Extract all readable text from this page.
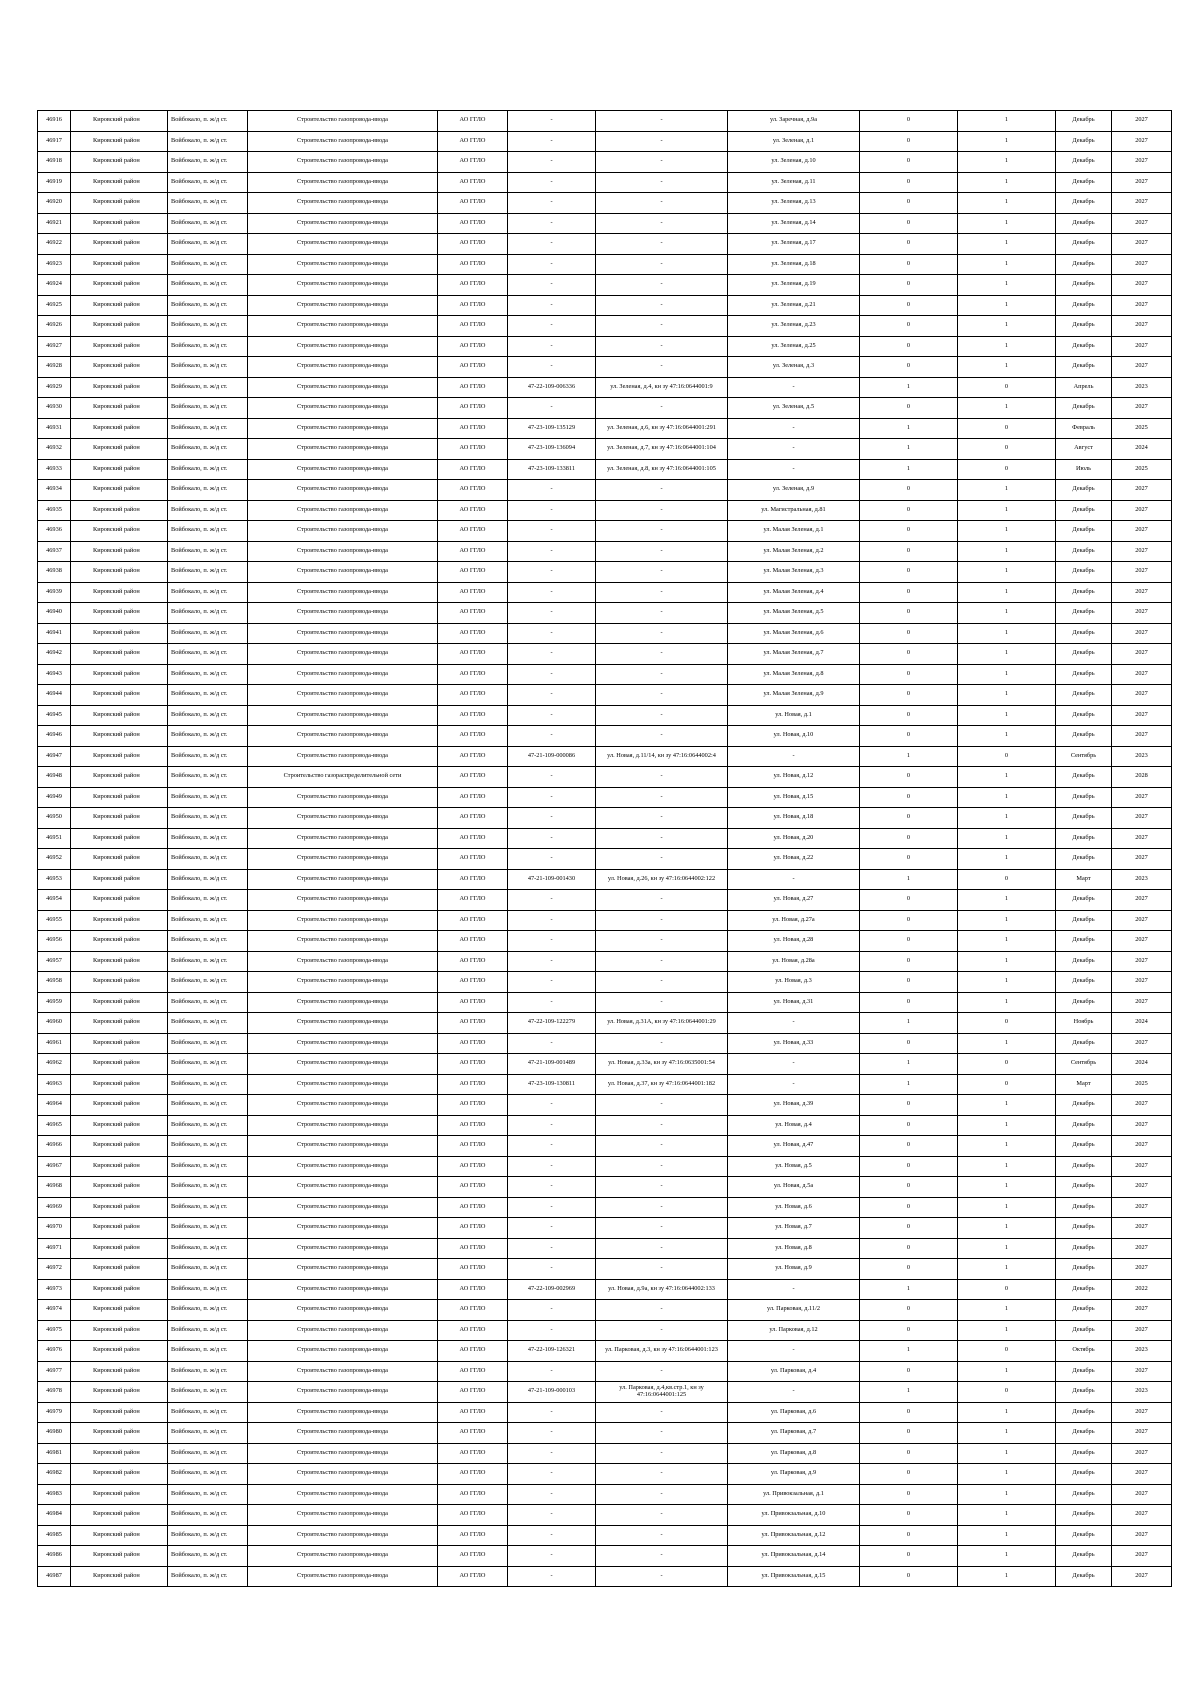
46916	Кировский район	Войбокало, п. ж/д ст.	Строительство газопровода-ввода	АО ГГЛО	-	-	ул. Заречная, д.9а	0	1	Декабрь	2027
46917	Кировский район	Войбокало, п. ж/д ст.	Строительство газопровода-ввода	АО ГГЛО	-	-	ул. Зеленая, д.1	0	1	Декабрь	2027
46918	Кировский район	Войбокало, п. ж/д ст.	Строительство газопровода-ввода	АО ГГЛО	-	-	ул. Зеленая, д.10	0	1	Декабрь	2027
46919	Кировский район	Войбокало, п. ж/д ст.	Строительство газопровода-ввода	АО ГГЛО	-	-	ул. Зеленая, д.11	0	1	Декабрь	2027
46920	Кировский район	Войбокало, п. ж/д ст.	Строительство газопровода-ввода	АО ГГЛО	-	-	ул. Зеленая, д.13	0	1	Декабрь	2027
46921	Кировский район	Войбокало, п. ж/д ст.	Строительство газопровода-ввода	АО ГГЛО	-	-	ул. Зеленая, д.14	0	1	Декабрь	2027
46922	Кировский район	Войбокало, п. ж/д ст.	Строительство газопровода-ввода	АО ГГЛО	-	-	ул. Зеленая, д.17	0	1	Декабрь	2027
46923	Кировский район	Войбокало, п. ж/д ст.	Строительство газопровода-ввода	АО ГГЛО	-	-	ул. Зеленая, д.18	0	1	Декабрь	2027
46924	Кировский район	Войбокало, п. ж/д ст.	Строительство газопровода-ввода	АО ГГЛО	-	-	ул. Зеленая, д.19	0	1	Декабрь	2027
46925	Кировский район	Войбокало, п. ж/д ст.	Строительство газопровода-ввода	АО ГГЛО	-	-	ул. Зеленая, д.21	0	1	Декабрь	2027
46926	Кировский район	Войбокало, п. ж/д ст.	Строительство газопровода-ввода	АО ГГЛО	-	-	ул. Зеленая, д.23	0	1	Декабрь	2027
46927	Кировский район	Войбокало, п. ж/д ст.	Строительство газопровода-ввода	АО ГГЛО	-	-	ул. Зеленая, д.25	0	1	Декабрь	2027
46928	Кировский район	Войбокало, п. ж/д ст.	Строительство газопровода-ввода	АО ГГЛО	-	-	ул. Зеленая, д.3	0	1	Декабрь	2027
46929	Кировский район	Войбокало, п. ж/д ст.	Строительство газопровода-ввода	АО ГГЛО	47-22-109-006336	ул. Зеленая, д.4, кн зу 47:16:0644001:9	-	1	0	Апрель	2023
46930	Кировский район	Войбокало, п. ж/д ст.	Строительство газопровода-ввода	АО ГГЛО	-	-	ул. Зеленая, д.5	0	1	Декабрь	2027
46931	Кировский район	Войбокало, п. ж/д ст.	Строительство газопровода-ввода	АО ГГЛО	47-23-109-135129	ул. Зеленая, д.6, кн зу 47:16:0644001:291	-	1	0	Февраль	2025
46932	Кировский район	Войбокало, п. ж/д ст.	Строительство газопровода-ввода	АО ГГЛО	47-23-109-136094	ул. Зеленая, д.7, кн зу 47:16:0644001:104	-	1	0	Август	2024
46933	Кировский район	Войбокало, п. ж/д ст.	Строительство газопровода-ввода	АО ГГЛО	47-23-109-133811	ул. Зеленая, д.8, кн зу 47:16:0644001:105	-	1	0	Июль	2025
46934	Кировский район	Войбокало, п. ж/д ст.	Строительство газопровода-ввода	АО ГГЛО	-	-	ул. Зеленая, д.9	0	1	Декабрь	2027
46935	Кировский район	Войбокало, п. ж/д ст.	Строительство газопровода-ввода	АО ГГЛО	-	-	ул. Магистральная, д.81	0	1	Декабрь	2027
46936	Кировский район	Войбокало, п. ж/д ст.	Строительство газопровода-ввода	АО ГГЛО	-	-	ул. Малая Зеленая, д.1	0	1	Декабрь	2027
46937	Кировский район	Войбокало, п. ж/д ст.	Строительство газопровода-ввода	АО ГГЛО	-	-	ул. Малая Зеленая, д.2	0	1	Декабрь	2027
46938	Кировский район	Войбокало, п. ж/д ст.	Строительство газопровода-ввода	АО ГГЛО	-	-	ул. Малая Зеленая, д.3	0	1	Декабрь	2027
46939	Кировский район	Войбокало, п. ж/д ст.	Строительство газопровода-ввода	АО ГГЛО	-	-	ул. Малая Зеленая, д.4	0	1	Декабрь	2027
46940	Кировский район	Войбокало, п. ж/д ст.	Строительство газопровода-ввода	АО ГГЛО	-	-	ул. Малая Зеленая, д.5	0	1	Декабрь	2027
46941	Кировский район	Войбокало, п. ж/д ст.	Строительство газопровода-ввода	АО ГГЛО	-	-	ул. Малая Зеленая, д.6	0	1	Декабрь	2027
46942	Кировский район	Войбокало, п. ж/д ст.	Строительство газопровода-ввода	АО ГГЛО	-	-	ул. Малая Зеленая, д.7	0	1	Декабрь	2027
46943	Кировский район	Войбокало, п. ж/д ст.	Строительство газопровода-ввода	АО ГГЛО	-	-	ул. Малая Зеленая, д.8	0	1	Декабрь	2027
46944	Кировский район	Войбокало, п. ж/д ст.	Строительство газопровода-ввода	АО ГГЛО	-	-	ул. Малая Зеленая, д.9	0	1	Декабрь	2027
46945	Кировский район	Войбокало, п. ж/д ст.	Строительство газопровода-ввода	АО ГГЛО	-	-	ул. Новая, д.1	0	1	Декабрь	2027
46946	Кировский район	Войбокало, п. ж/д ст.	Строительство газопровода-ввода	АО ГГЛО	-	-	ул. Новая, д.10	0	1	Декабрь	2027
46947	Кировский район	Войбокало, п. ж/д ст.	Строительство газопровода-ввода	АО ГГЛО	47-21-109-000086	ул. Новая, д.11/14, кн зу 47:16:0644002:4	-	1	0	Сентябрь	2023
46948	Кировский район	Войбокало, п. ж/д ст.	Строительство газораспределительной сети	АО ГГЛО	-	-	ул. Новая, д.12	0	1	Декабрь	2028
46949	Кировский район	Войбокало, п. ж/д ст.	Строительство газопровода-ввода	АО ГГЛО	-	-	ул. Новая, д.15	0	1	Декабрь	2027
46950	Кировский район	Войбокало, п. ж/д ст.	Строительство газопровода-ввода	АО ГГЛО	-	-	ул. Новая, д.18	0	1	Декабрь	2027
46951	Кировский район	Войбокало, п. ж/д ст.	Строительство газопровода-ввода	АО ГГЛО	-	-	ул. Новая, д.20	0	1	Декабрь	2027
46952	Кировский район	Войбокало, п. ж/д ст.	Строительство газопровода-ввода	АО ГГЛО	-	-	ул. Новая, д.22	0	1	Декабрь	2027
46953	Кировский район	Войбокало, п. ж/д ст.	Строительство газопровода-ввода	АО ГГЛО	47-21-109-001430	ул. Новая, д.26, кн зу 47:16:0644002:122	-	1	0	Март	2023
46954	Кировский район	Войбокало, п. ж/д ст.	Строительство газопровода-ввода	АО ГГЛО	-	-	ул. Новая, д.27	0	1	Декабрь	2027
46955	Кировский район	Войбокало, п. ж/д ст.	Строительство газопровода-ввода	АО ГГЛО	-	-	ул. Новая, д.27а	0	1	Декабрь	2027
46956	Кировский район	Войбокало, п. ж/д ст.	Строительство газопровода-ввода	АО ГГЛО	-	-	ул. Новая, д.28	0	1	Декабрь	2027
46957	Кировский район	Войбокало, п. ж/д ст.	Строительство газопровода-ввода	АО ГГЛО	-	-	ул. Новая, д.28а	0	1	Декабрь	2027
46958	Кировский район	Войбокало, п. ж/д ст.	Строительство газопровода-ввода	АО ГГЛО	-	-	ул. Новая, д.3	0	1	Декабрь	2027
46959	Кировский район	Войбокало, п. ж/д ст.	Строительство газопровода-ввода	АО ГГЛО	-	-	ул. Новая, д.31	0	1	Декабрь	2027
46960	Кировский район	Войбокало, п. ж/д ст.	Строительство газопровода-ввода	АО ГГЛО	47-22-109-122279	ул. Новая, д.31А, кн зу 47:16:0644001:29	-	1	0	Ноябрь	2024
46961	Кировский район	Войбокало, п. ж/д ст.	Строительство газопровода-ввода	АО ГГЛО	-	-	ул. Новая, д.33	0	1	Декабрь	2027
46962	Кировский район	Войбокало, п. ж/д ст.	Строительство газопровода-ввода	АО ГГЛО	47-21-109-001489	ул. Новая, д.33а, кн зу 47:16:0635001:54	-	1	0	Сентябрь	2024
46963	Кировский район	Войбокало, п. ж/д ст.	Строительство газопровода-ввода	АО ГГЛО	47-23-109-130811	ул. Новая, д.37, кн зу 47:16:0644001:182	-	1	0	Март	2025
46964	Кировский район	Войбокало, п. ж/д ст.	Строительство газопровода-ввода	АО ГГЛО	-	-	ул. Новая, д.39	0	1	Декабрь	2027
46965	Кировский район	Войбокало, п. ж/д ст.	Строительство газопровода-ввода	АО ГГЛО	-	-	ул. Новая, д.4	0	1	Декабрь	2027
46966	Кировский район	Войбокало, п. ж/д ст.	Строительство газопровода-ввода	АО ГГЛО	-	-	ул. Новая, д.47	0	1	Декабрь	2027
46967	Кировский район	Войбокало, п. ж/д ст.	Строительство газопровода-ввода	АО ГГЛО	-	-	ул. Новая, д.5	0	1	Декабрь	2027
46968	Кировский район	Войбокало, п. ж/д ст.	Строительство газопровода-ввода	АО ГГЛО	-	-	ул. Новая, д.5а	0	1	Декабрь	2027
46969	Кировский район	Войбокало, п. ж/д ст.	Строительство газопровода-ввода	АО ГГЛО	-	-	ул. Новая, д.6	0	1	Декабрь	2027
46970	Кировский район	Войбокало, п. ж/д ст.	Строительство газопровода-ввода	АО ГГЛО	-	-	ул. Новая, д.7	0	1	Декабрь	2027
46971	Кировский район	Войбокало, п. ж/д ст.	Строительство газопровода-ввода	АО ГГЛО	-	-	ул. Новая, д.8	0	1	Декабрь	2027
46972	Кировский район	Войбокало, п. ж/д ст.	Строительство газопровода-ввода	АО ГГЛО	-	-	ул. Новая, д.9	0	1	Декабрь	2027
46973	Кировский район	Войбокало, п. ж/д ст.	Строительство газопровода-ввода	АО ГГЛО	47-22-109-002969	ул. Новая, д.9а, кн зу 47:16:0644002:133	-	1	0	Декабрь	2022
46974	Кировский район	Войбокало, п. ж/д ст.	Строительство газопровода-ввода	АО ГГЛО	-	-	ул. Парковая, д.11/2	0	1	Декабрь	2027
46975	Кировский район	Войбокало, п. ж/д ст.	Строительство газопровода-ввода	АО ГГЛО	-	-	ул. Парковая, д.12	0	1	Декабрь	2027
46976	Кировский район	Войбокало, п. ж/д ст.	Строительство газопровода-ввода	АО ГГЛО	47-22-109-126321	ул. Парковая, д.3, кн зу 47:16:0644001:123	-	1	0	Октябрь	2023
46977	Кировский район	Войбокало, п. ж/д ст.	Строительство газопровода-ввода	АО ГГЛО	-	-	ул. Парковая, д.4	0	1	Декабрь	2027
46978	Кировский район	Войбокало, п. ж/д ст.	Строительство газопровода-ввода	АО ГГЛО	47-21-109-000103	ул. Парковая, д.4,кв.стр.1, кн зу 47:16:0644001:125	-	1	0	Декабрь	2023
46979	Кировский район	Войбокало, п. ж/д ст.	Строительство газопровода-ввода	АО ГГЛО	-	-	ул. Парковая, д.6	0	1	Декабрь	2027
46980	Кировский район	Войбокало, п. ж/д ст.	Строительство газопровода-ввода	АО ГГЛО	-	-	ул. Парковая, д.7	0	1	Декабрь	2027
46981	Кировский район	Войбокало, п. ж/д ст.	Строительство газопровода-ввода	АО ГГЛО	-	-	ул. Парковая, д.8	0	1	Декабрь	2027
46982	Кировский район	Войбокало, п. ж/д ст.	Строительство газопровода-ввода	АО ГГЛО	-	-	ул. Парковая, д.9	0	1	Декабрь	2027
46983	Кировский район	Войбокало, п. ж/д ст.	Строительство газопровода-ввода	АО ГГЛО	-	-	ул. Привокзальная, д.1	0	1	Декабрь	2027
46984	Кировский район	Войбокало, п. ж/д ст.	Строительство газопровода-ввода	АО ГГЛО	-	-	ул. Привокзальная, д.10	0	1	Декабрь	2027
46985	Кировский район	Войбокало, п. ж/д ст.	Строительство газопровода-ввода	АО ГГЛО	-	-	ул. Привокзальная, д.12	0	1	Декабрь	2027
46986	Кировский район	Войбокало, п. ж/д ст.	Строительство газопровода-ввода	АО ГГЛО	-	-	ул. Привокзальная, д.14	0	1	Декабрь	2027
46987	Кировский район	Войбокало, п. ж/д ст.	Строительство газопровода-ввода	АО ГГЛО	-	-	ул. Привокзальная, д.15	0	1	Декабрь	2027
